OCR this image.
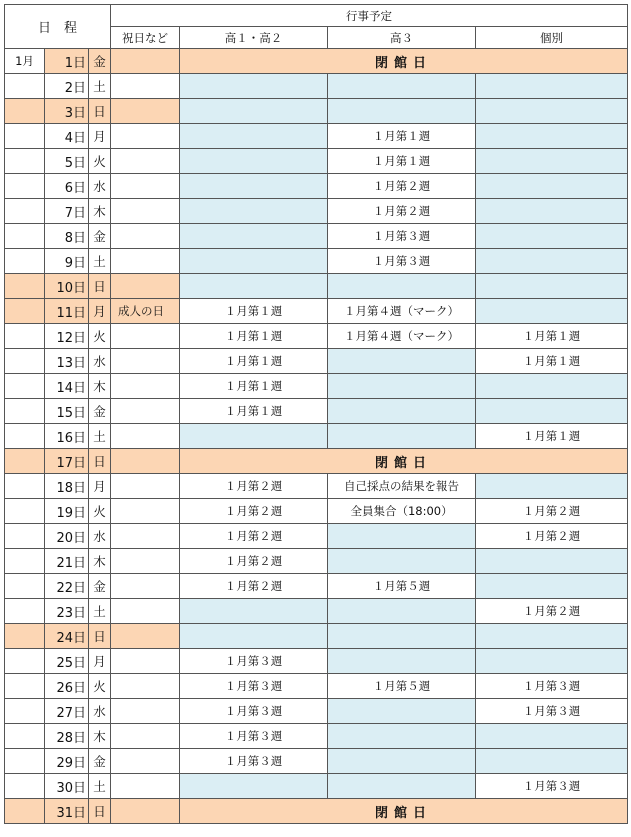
日　程			行事予定			
			祝日など	高１・高２	高３	個別
1月	1日	金		閉館日		
	2日	土				
	3日	日				
	4日	月			１月第１週	
	5日	火			１月第１週	
	6日	水			１月第２週	
	7日	木			１月第２週	
	8日	金			１月第３週	
	9日	土			１月第３週	
	10日	日				
	11日	月	成人の日	１月第１週	１月第４週（マーク）	
	12日	火		１月第１週	１月第４週（マーク）	１月第１週
	13日	水		１月第１週		１月第１週
	14日	木		１月第１週		
	15日	金		１月第１週		
	16日	土				１月第１週
	17日	日		閉館日		
	18日	月		１月第２週	自己採点の結果を報告	
	19日	火		１月第２週	全員集合（18:00）	１月第２週
	20日	水		１月第２週		１月第２週
	21日	木		１月第２週		
	22日	金		１月第２週	１月第５週	
	23日	土				１月第２週
	24日	日				
	25日	月		１月第３週		
	26日	火		１月第３週	１月第５週	１月第３週
	27日	水		１月第３週		１月第３週
	28日	木		１月第３週		
	29日	金		１月第３週		
	30日	土				１月第３週
	31日	日		閉館日		
